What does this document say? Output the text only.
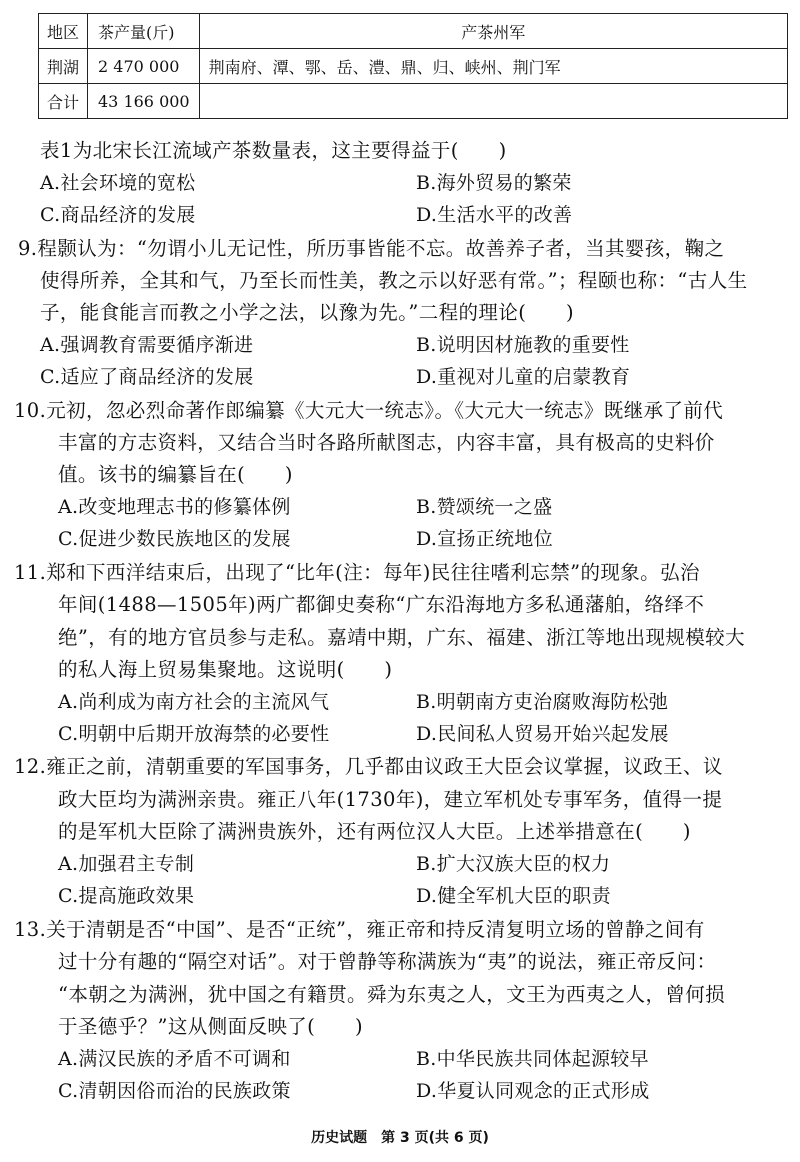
地区	茶产量(斤)	产茶州军
荆湖	2 470 000	荆南府、潭、鄂、岳、澧、鼎、归、峡州、荆门军
合计	43 166 000	
表1为北宋长江流域产茶数量表，这主要得益于(　　)
A.社会环境的宽松	B.海外贸易的繁荣
C.商品经济的发展	D.生活水平的改善
9.程颢认为：“勿谓小儿无记性，所历事皆能不忘。故善养子者，当其婴孩，鞠之
使得所养，全其和气，乃至长而性美，教之示以好恶有常。”；程颐也称：“古人生
子，能食能言而教之小学之法，以豫为先。”二程的理论(　　)
A.强调教育需要循序渐进	B.说明因材施教的重要性
C.适应了商品经济的发展	D.重视对儿童的启蒙教育
10.元初，忽必烈命著作郎编纂《大元大一统志》。《大元大一统志》既继承了前代
丰富的方志资料，又结合当时各路所献图志，内容丰富，具有极高的史料价
值。该书的编纂旨在(　　)
A.改变地理志书的修纂体例	B.赞颂统一之盛
C.促进少数民族地区的发展	D.宣扬正统地位
11.郑和下西洋结束后，出现了“比年(注：每年)民往往嗜利忘禁”的现象。弘治
年间(1488—1505年)两广都御史奏称“广东沿海地方多私通藩舶，络绎不
绝”，有的地方官员参与走私。嘉靖中期，广东、福建、浙江等地出现规模较大
的私人海上贸易集聚地。这说明(　　)
A.尚利成为南方社会的主流风气	B.明朝南方吏治腐败海防松弛
C.明朝中后期开放海禁的必要性	D.民间私人贸易开始兴起发展
12.雍正之前，清朝重要的军国事务，几乎都由议政王大臣会议掌握，议政王、议
政大臣均为满洲亲贵。雍正八年(1730年)，建立军机处专事军务，值得一提
的是军机大臣除了满洲贵族外，还有两位汉人大臣。上述举措意在(　　)
A.加强君主专制	B.扩大汉族大臣的权力
C.提高施政效果	D.健全军机大臣的职责
13.关于清朝是否“中国”、是否“正统”，雍正帝和持反清复明立场的曾静之间有
过十分有趣的“隔空对话”。对于曾静等称满族为“夷”的说法，雍正帝反问：
“本朝之为满洲，犹中国之有籍贯。舜为东夷之人，文王为西夷之人，曾何损
于圣德乎？”这从侧面反映了(　　)
A.满汉民族的矛盾不可调和	B.中华民族共同体起源较早
C.清朝因俗而治的民族政策	D.华夏认同观念的正式形成
历史试题　第 3 页(共 6 页)
